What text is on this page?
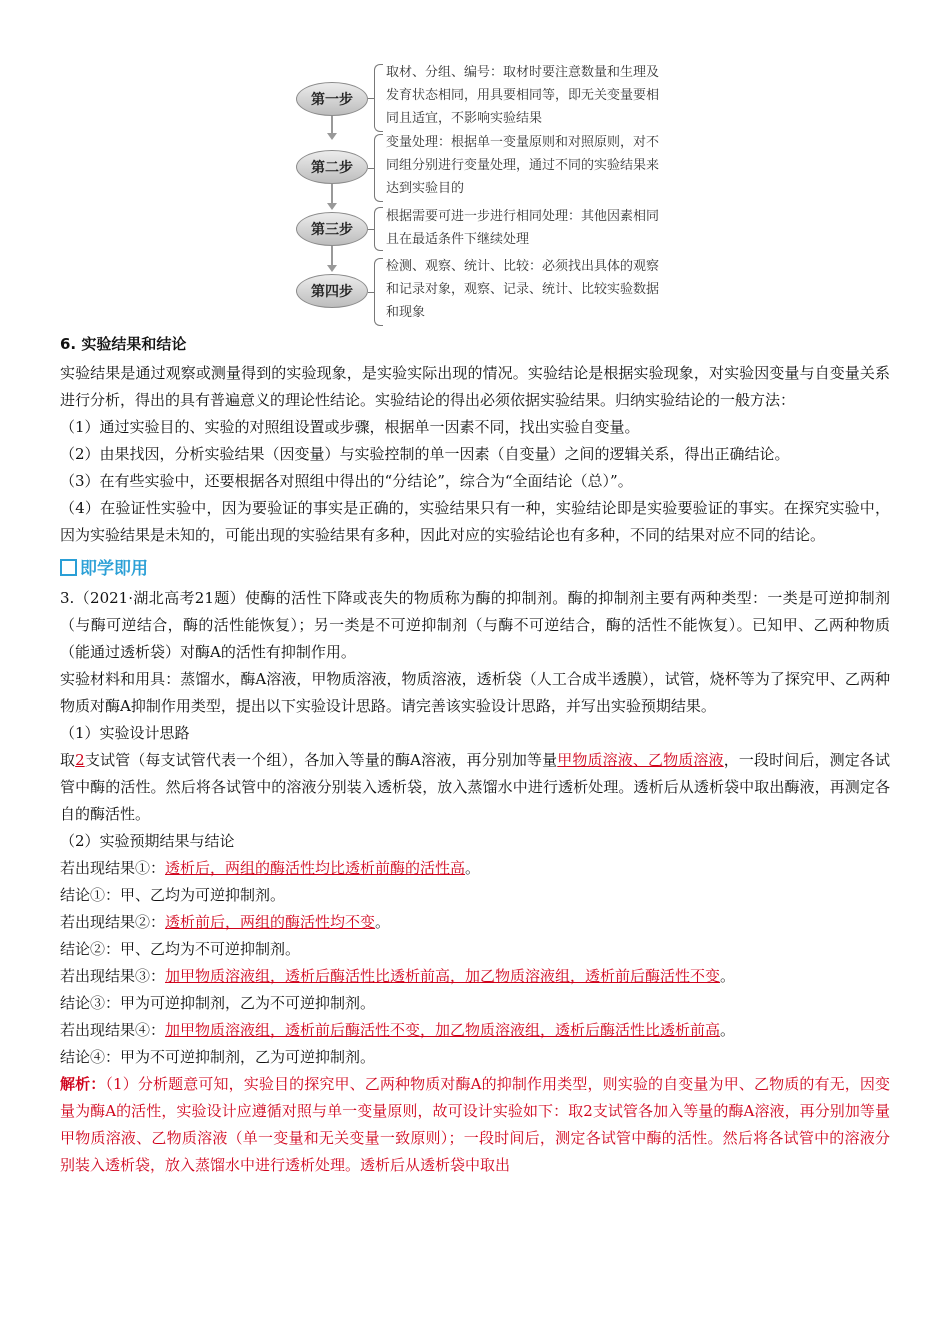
第一步
取材、分组、编号：取材时要注意数量和生理及发育状态相同，用具要相同等，即无关变量要相同且适宜，不影响实验结果
第二步
变量处理：根据单一变量原则和对照原则，对不同组分别进行变量处理，通过不同的实验结果来达到实验目的
第三步
根据需要可进一步进行相同处理：其他因素相同且在最适条件下继续处理
第四步
检测、观察、统计、比较：必须找出具体的观察和记录对象，观察、记录、统计、比较实验数据和现象
6. 实验结果和结论
实验结果是通过观察或测量得到的实验现象，是实验实际出现的情况。实验结论是根据实验现象，对实验因变量与自变量关系进行分析，得出的具有普遍意义的理论性结论。实验结论的得出必须依据实验结果。归纳实验结论的一般方法：
（1）通过实验目的、实验的对照组设置或步骤，根据单一因素不同，找出实验自变量。
（2）由果找因，分析实验结果（因变量）与实验控制的单一因素（自变量）之间的逻辑关系，得出正确结论。
（3）在有些实验中，还要根据各对照组中得出的“分结论”，综合为“全面结论（总）”。
（4）在验证性实验中，因为要验证的事实是正确的，实验结果只有一种，实验结论即是实验要验证的事实。在探究实验中，因为实验结果是未知的，可能出现的实验结果有多种，因此对应的实验结论也有多种，不同的结果对应不同的结论。
即学即用
3.（2021·湖北高考21题）使酶的活性下降或丧失的物质称为酶的抑制剂。酶的抑制剂主要有两种类型：一类是可逆抑制剂（与酶可逆结合，酶的活性能恢复）；另一类是不可逆抑制剂（与酶不可逆结合，酶的活性不能恢复）。已知甲、乙两种物质（能通过透析袋）对酶A的活性有抑制作用。
实验材料和用具：蒸馏水，酶A溶液，甲物质溶液，物质溶液，透析袋（人工合成半透膜），试管，烧杯等为了探究甲、乙两种物质对酶A抑制作用类型，提出以下实验设计思路。请完善该实验设计思路，并写出实验预期结果。
（1）实验设计思路
取2支试管（每支试管代表一个组），各加入等量的酶A溶液，再分别加等量甲物质溶液、乙物质溶液，一段时间后，测定各试管中酶的活性。然后将各试管中的溶液分别装入透析袋，放入蒸馏水中进行透析处理。透析后从透析袋中取出酶液，再测定各自的酶活性。
（2）实验预期结果与结论
若出现结果①：透析后，两组的酶活性均比透析前酶的活性高。
结论①：甲、乙均为可逆抑制剂。
若出现结果②：透析前后，两组的酶活性均不变。
结论②：甲、乙均为不可逆抑制剂。
若出现结果③：加甲物质溶液组，透析后酶活性比透析前高，加乙物质溶液组，透析前后酶活性不变。
结论③：甲为可逆抑制剂，乙为不可逆抑制剂。
若出现结果④：加甲物质溶液组，透析前后酶活性不变，加乙物质溶液组，透析后酶活性比透析前高。
结论④：甲为不可逆抑制剂，乙为可逆抑制剂。
解析：（1）分析题意可知，实验目的探究甲、乙两种物质对酶A的抑制作用类型，则实验的自变量为甲、乙物质的有无，因变量为酶A的活性，实验设计应遵循对照与单一变量原则，故可设计实验如下：取2支试管各加入等量的酶A溶液，再分别加等量甲物质溶液、乙物质溶液（单一变量和无关变量一致原则）；一段时间后，测定各试管中酶的活性。然后将各试管中的溶液分别装入透析袋，放入蒸馏水中进行透析处理。透析后从透析袋中取出
